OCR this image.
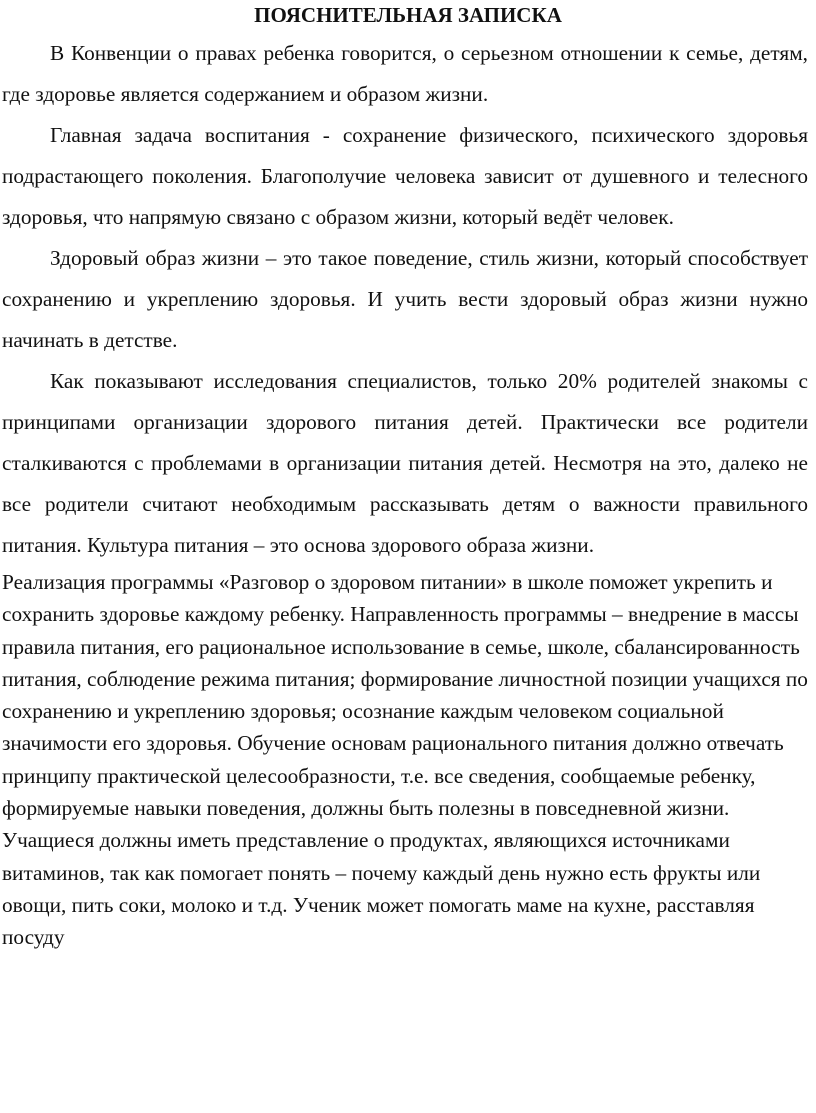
ПОЯСНИТЕЛЬНАЯ ЗАПИСКА

В Конвенции о правах ребенка говорится, о серьезном отношении к семье, детям, где здоровье является содержанием и образом жизни.

Главная задача воспитания - сохранение физического, психического здоровья подрастающего поколения. Благополучие человека зависит от душевного и телесного здоровья, что напрямую связано с образом жизни, который ведёт человек.

Здоровый образ жизни – это такое поведение, стиль жизни, который способствует сохранению и укреплению здоровья. И учить вести здоровый образ жизни нужно начинать в детстве.

Как показывают исследования специалистов, только 20% родителей знакомы с принципами организации здорового питания детей. Практически все родители сталкиваются с проблемами в организации питания детей. Несмотря на это, далеко не все родители считают необходимым рассказывать детям о важности правильного питания. Культура питания – это основа здорового образа жизни.

Реализация программы «Разговор о здоровом питании» в школе поможет укрепить и сохранить здоровье каждому ребенку. Направленность программы – внедрение в массы правила питания, его рациональное использование в семье, школе, сбалансированность питания, соблюдение режима питания; формирование личностной позиции учащихся по сохранению и укреплению здоровья; осознание каждым человеком социальной значимости его здоровья. Обучение основам рационального питания должно отвечать принципу практической целесообразности, т.е. все сведения, сообщаемые ребенку, формируемые навыки поведения, должны быть полезны в повседневной жизни. Учащиеся должны иметь представление о продуктах, являющихся источниками витаминов, так как помогает понять – почему каждый день нужно есть фрукты или овощи, пить соки, молоко и т.д. Ученик может помогать маме на кухне, расставляя посуду
